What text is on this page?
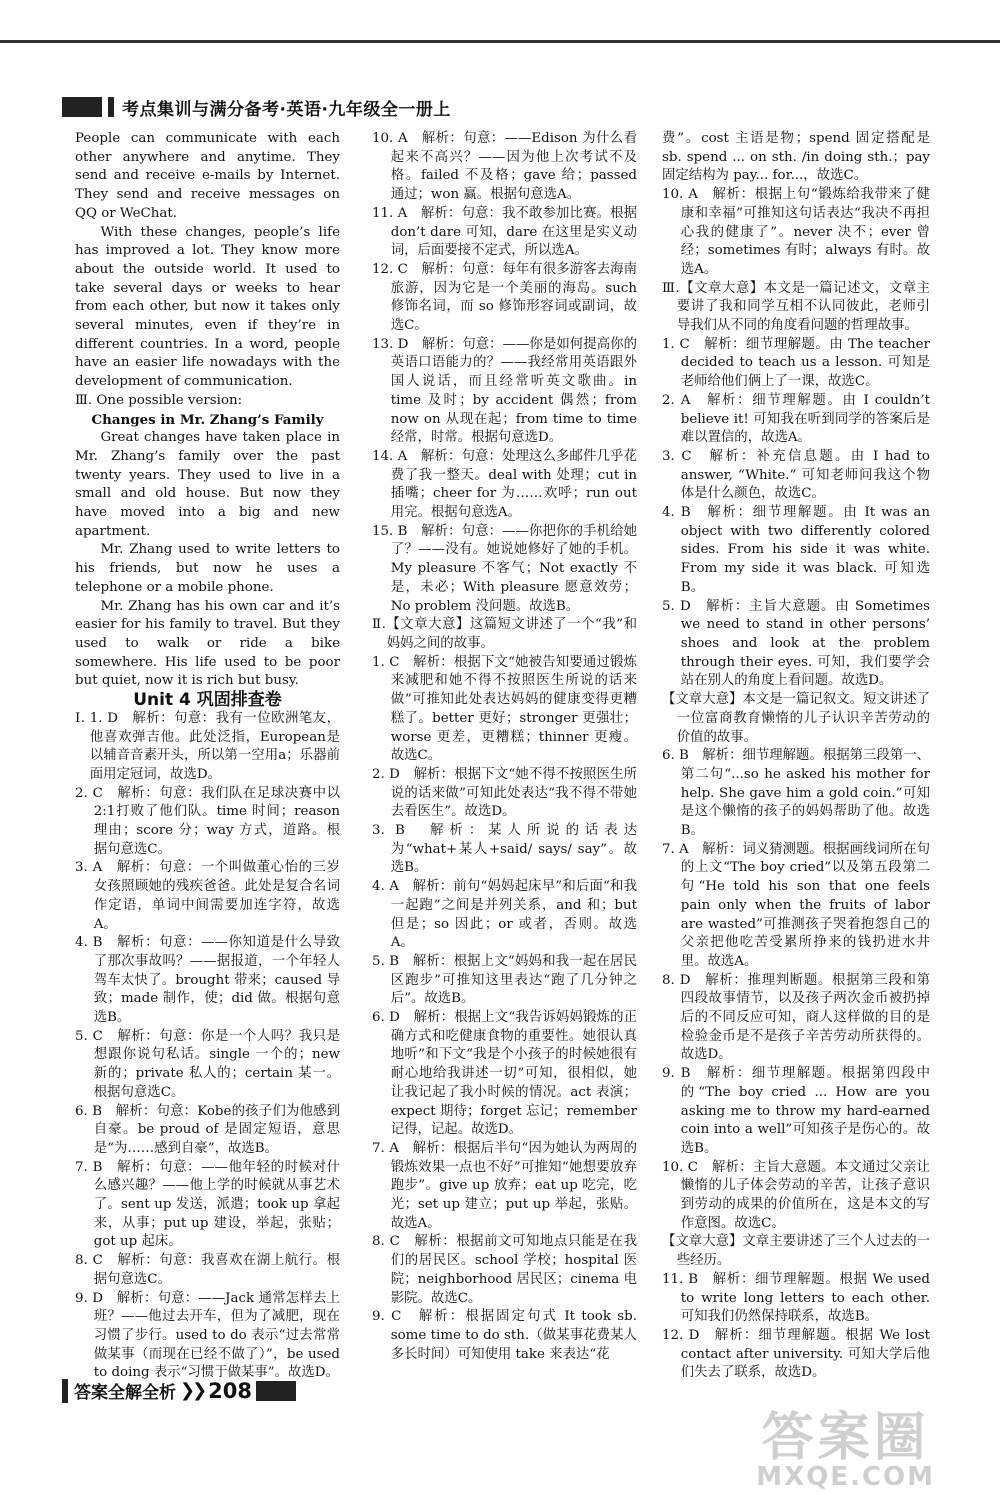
考点集训与满分备考·英语·九年级全一册上

People can communicate with each other anywhere and anytime. They send and receive e-mails by Internet. They send and receive messages on QQ or WeChat.

With these changes, people’s life has improved a lot. They know more about the outside world. It used to take several days or weeks to hear from each other, but now it takes only several minutes, even if they’re in different countries. In a word, people have an easier life nowadays with the development of communication.

Ⅲ. One possible version:

Changes in Mr. Zhang’s Family

Great changes have taken place in Mr. Zhang’s family over the past twenty years. They used to live in a small and old house. But now they have moved into a big and new apartment.

Mr. Zhang used to write letters to his friends, but now he uses a telephone or a mobile phone.

Mr. Zhang has his own car and it’s easier for his family to travel. But they used to walk or ride a bike somewhere. His life used to be poor but quiet, now it is rich but busy.

Unit 4 巩固排查卷

Ⅰ. 1. D　解析：句意：我有一位欧洲笔友，他喜欢弹吉他。此处泛指，European是以辅音音素开头，所以第一空用a；乐器前面用定冠词，故选D。

2. C　解析：句意：我们队在足球决赛中以2:1打败了他们队。time 时间；reason 理由；score 分；way 方式，道路。根据句意选C。

3. A　解析：句意：一个叫做董心怡的三岁女孩照顾她的残疾爸爸。此处是复合名词作定语，单词中间需要加连字符，故选A。

4. B　解析：句意：——你知道是什么导致了那次事故吗？——据报道，一个年轻人驾车太快了。brought 带来；caused 导致；made 制作，使；did 做。根据句意选B。

5. C　解析：句意：你是一个人吗？我只是想跟你说句私话。single 一个的；new 新的；private 私人的；certain 某一。根据句意选C。

6. B　解析：句意：Kobe的孩子们为他感到自豪。be proud of 是固定短语，意思是“为……感到自豪”，故选B。

7. B　解析：句意：——他年轻的时候对什么感兴趣？——他上学的时候就从事艺术了。sent up 发送，派遣；took up 拿起来，从事；put up 建设，举起，张贴；got up 起床。

8. C　解析：句意：我喜欢在湖上航行。根据句意选C。

9. D　解析：句意：——Jack 通常怎样去上班？——他过去开车，但为了减肥，现在习惯了步行。used to do 表示“过去常常做某事（而现在已经不做了）”，be used to doing 表示“习惯于做某事”。故选D。

10. A　解析：句意：——Edison 为什么看起来不高兴？——因为他上次考试不及格。failed 不及格；gave 给；passed 通过；won 赢。根据句意选A。

11. A　解析：句意：我不敢参加比赛。根据don’t dare 可知，dare 在这里是实义动词，后面要接不定式，所以选A。

12. C　解析：句意：每年有很多游客去海南旅游，因为它是一个美丽的海岛。such 修饰名词，而 so 修饰形容词或副词，故选C。

13. D　解析：句意：——你是如何提高你的英语口语能力的？——我经常用英语跟外国人说话，而且经常听英文歌曲。in time 及时；by accident 偶然；from now on 从现在起；from time to time 经常，时常。根据句意选D。

14. A　解析：句意：处理这么多邮件几乎花费了我一整天。deal with 处理；cut in 插嘴；cheer for 为……欢呼；run out 用完。根据句意选A。

15. B　解析：句意：——你把你的手机给她了？——没有。她说她修好了她的手机。My pleasure 不客气；Not exactly 不是，未必；With pleasure 愿意效劳；No problem 没问题。故选B。

Ⅱ.【文章大意】这篇短文讲述了一个“我”和妈妈之间的故事。

1. C　解析：根据下文“她被告知要通过锻炼来减肥和她不得不按照医生所说的话来做”可推知此处表达妈妈的健康变得更糟糕了。better 更好；stronger 更强壮；worse 更差，更糟糕；thinner 更瘦。故选C。

2. D　解析：根据下文“她不得不按照医生所说的话来做”可知此处表达“我不得不带她去看医生”。故选D。

3. B　解析：某人所说的话表达为“what+某人+said/ says/ say”。故选B。

4. A　解析：前句“妈妈起床早”和后面“和我一起跑”之间是并列关系，and 和；but 但是；so 因此；or 或者，否则。故选A。

5. B　解析：根据上文“妈妈和我一起在居民区跑步”可推知这里表达“跑了几分钟之后”。故选B。

6. D　解析：根据上文“我告诉妈妈锻炼的正确方式和吃健康食物的重要性。她很认真地听”和下文“我是个小孩子的时候她很有耐心地给我讲述一切”可知，很相似，她让我记起了我小时候的情况。act 表演；expect 期待；forget 忘记；remember 记得，记起。故选D。

7. A　解析：根据后半句“因为她认为两周的锻炼效果一点也不好”可推知“她想要放弃跑步”。give up 放弃；eat up 吃完，吃光；set up 建立；put up 举起，张贴。故选A。

8. C　解析：根据前文可知地点只能是在我们的居民区。school 学校；hospital 医院；neighborhood 居民区；cinema 电影院。故选C。

9. C　解析：根据固定句式 It took sb. some time to do sth.（做某事花费某人多长时间）可知使用 take 来表达“花

费”。cost 主语是物；spend 固定搭配是 sb. spend ... on sth. /in doing sth.；pay 固定结构为 pay... for...，故选C。

10. A　解析：根据上句“锻炼给我带来了健康和幸福”可推知这句话表达“我决不再担心我的健康了”。never 决不；ever 曾经；sometimes 有时；always 有时。故选A。

Ⅲ.【文章大意】本文是一篇记述文，文章主要讲了我和同学互相不认同彼此，老师引导我们从不同的角度看问题的哲理故事。

1. C　解析：细节理解题。由 The teacher decided to teach us a lesson. 可知是老师给他们俩上了一课，故选C。

2. A　解析：细节理解题。由 I couldn’t believe it! 可知我在听到同学的答案后是难以置信的，故选A。

3. C　解析：补充信息题。由 I had to answer, “White.” 可知老师问我这个物体是什么颜色，故选C。

4. B　解析：细节理解题。由 It was an object with two differently colored sides. From his side it was white. From my side it was black. 可知选B。

5. D　解析：主旨大意题。由 Sometimes we need to stand in other persons’ shoes and look at the problem through their eyes. 可知，我们要学会站在别人的角度上看问题。故选D。

【文章大意】本文是一篇记叙文。短文讲述了一位富商教育懒惰的儿子认识辛苦劳动的价值的故事。

6. B　解析：细节理解题。根据第三段第一、第二句“...so he asked his mother for help. She gave him a gold coin.”可知是这个懒惰的孩子的妈妈帮助了他。故选B。

7. A　解析：词义猜测题。根据画线词所在句的上文“The boy cried”以及第五段第二句“He told his son that one feels pain only when the fruits of labor are wasted”可推测孩子哭着抱怨自己的父亲把他吃苦受累所挣来的钱扔进水井里。故选A。

8. D　解析：推理判断题。根据第三段和第四段故事情节，以及孩子两次金币被扔掉后的不同反应可知，商人这样做的目的是检验金币是不是孩子辛苦劳动所获得的。故选D。

9. B　解析：细节理解题。根据第四段中的“The boy cried ... How are you asking me to throw my hard-earned coin into a well”可知孩子是伤心的。故选B。

10. C　解析：主旨大意题。本文通过父亲让懒惰的儿子体会劳动的辛苦，让孩子意识到劳动的成果的价值所在，这是本文的写作意图。故选C。

【文章大意】文章主要讲述了三个人过去的一些经历。

11. B　解析：细节理解题。根据 We used to write long letters to each other. 可知我们仍然保持联系，故选B。

12. D　解析：细节理解题。根据 We lost contact after university. 可知大学后他们失去了联系，故选D。

答案全解全析 ❯❯ 208
答案圈
MXQE.COM
